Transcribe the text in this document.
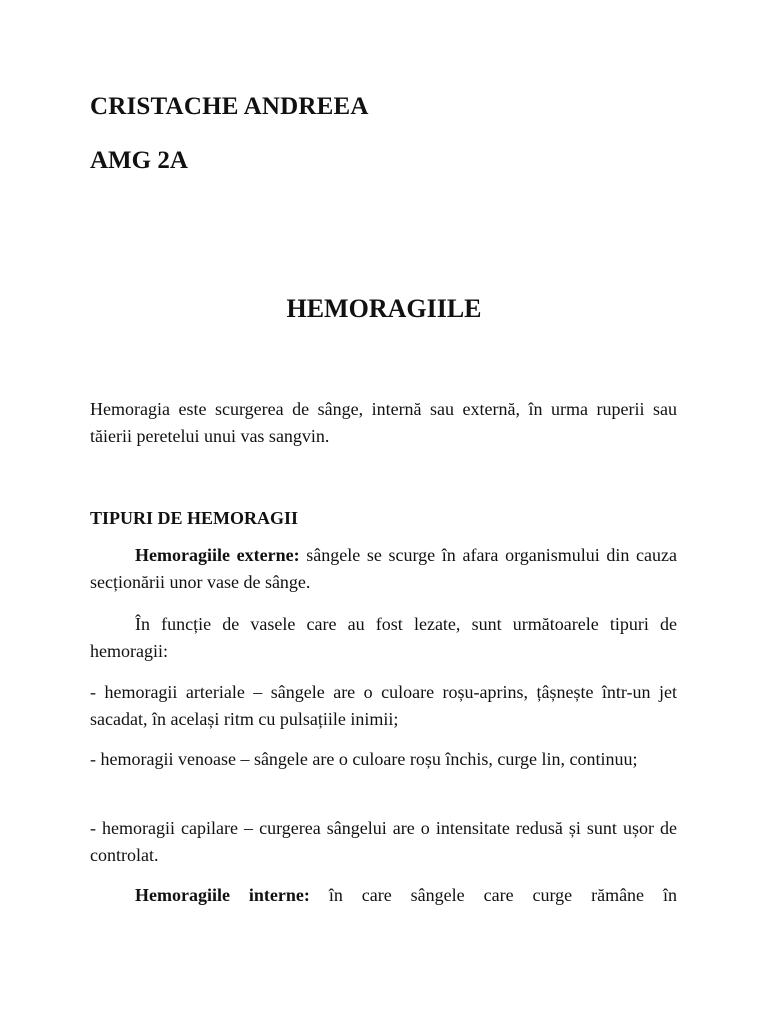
CRISTACHE ANDREEA
AMG 2A
HEMORAGIILE

Hemoragia este scurgerea de sânge, internă sau externă, în urma ruperii sau tăierii peretelui unui vas sangvin.

TIPURI DE HEMORAGII

Hemoragiile externe: sângele se scurge în afara organismului din cauza secționării unor vase de sânge.

În funcție de vasele care au fost lezate, sunt următoarele tipuri de hemoragii:

- hemoragii arteriale – sângele are o culoare roșu-aprins, țâșnește într-un jet sacadat, în același ritm cu pulsațiile inimii;

- hemoragii venoase – sângele are o culoare roșu închis, curge lin, continuu;

- hemoragii capilare – curgerea sângelui are o intensitate redusă și sunt ușor de controlat.

Hemoragiile interne: în care sângele care curge rămâne în
